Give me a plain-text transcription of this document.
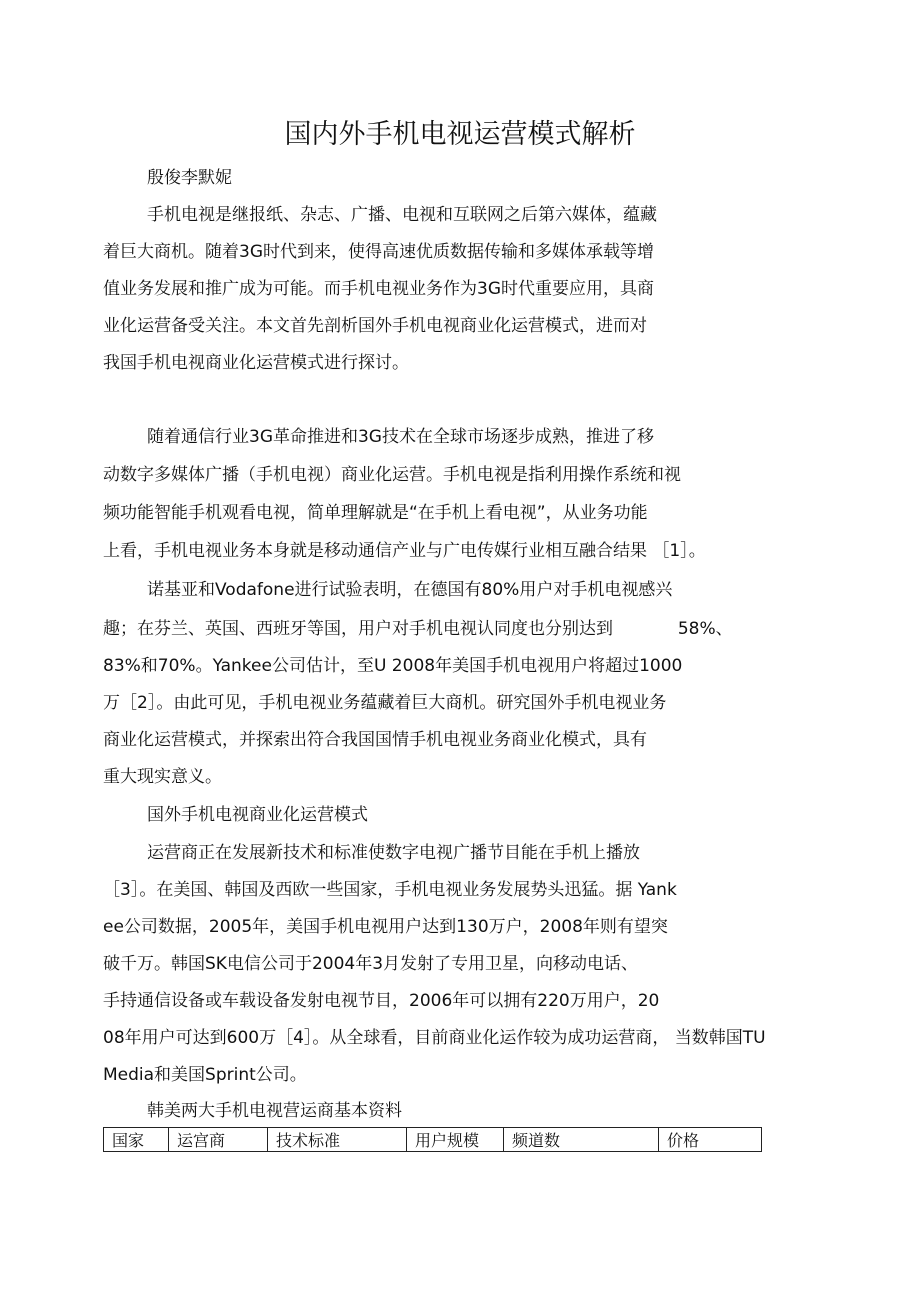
国内外手机电视运营模式解析
殷俊李默妮
手机电视是继报纸、杂志、广播、电视和互联网之后第六媒体，蕴藏
着巨大商机。随着3G时代到来，使得高速优质数据传输和多媒体承载等增
值业务发展和推广成为可能。而手机电视业务作为3G时代重要应用，具商
业化运营备受关注。本文首先剖析国外手机电视商业化运营模式，进而对
我国手机电视商业化运营模式进行探讨。
随着通信行业3G革命推进和3G技术在全球市场逐步成熟，推进了移
动数字多媒体广播（手机电视）商业化运营。手机电视是指利用操作系统和视
频功能智能手机观看电视，简单理解就是“在手机上看电视”，从业务功能
上看，手机电视业务本身就是移动通信产业与广电传媒行业相互融合结果 ［1］。
诺基亚和Vodafone进行试验表明，在德国有80%用户对手机电视感兴
趣；在芬兰、英国、西班牙等国，用户对手机电视认同度也分别达到            58%、
83%和70%。Yankee公司估计，至U 2008年美国手机电视用户将超过1000
万［2］。由此可见，手机电视业务蕴藏着巨大商机。研究国外手机电视业务
商业化运营模式，并探索出符合我国国情手机电视业务商业化模式，具有
重大现实意义。
国外手机电视商业化运营模式
运营商正在发展新技术和标准使数字电视广播节目能在手机上播放
［3］。在美国、韩国及西欧一些国家，手机电视业务发展势头迅猛。据 Yank
ee公司数据，2005年，美国手机电视用户达到130万户，2008年则有望突
破千万。韩国SK电信公司于2004年3月发射了专用卫星，向移动电话、
手持通信设备或车载设备发射电视节目，2006年可以拥有220万用户，20
08年用户可达到600万［4］。从全球看，目前商业化运作较为成功运营商， 当数韩国TU
Media和美国Sprint公司。
韩美两大手机电视营运商基本资料
国家	运宫商	技术标准	用户规模	频道数	价格
